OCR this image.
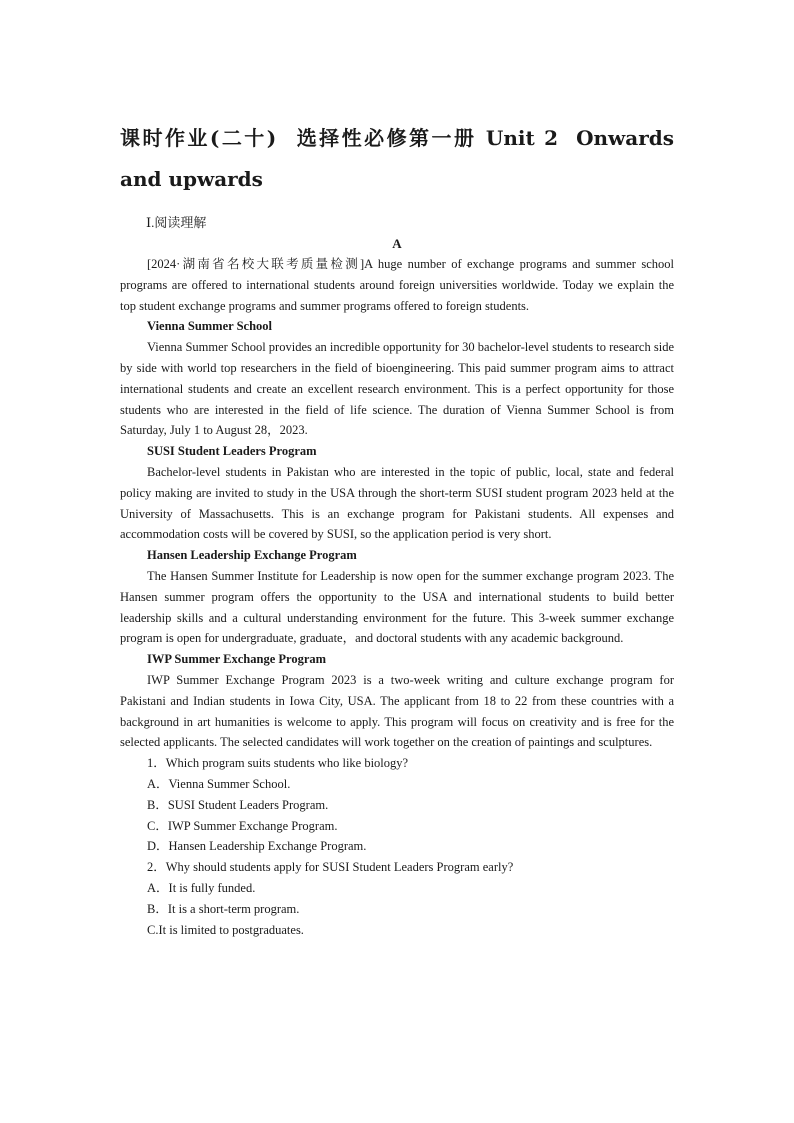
课时作业(二十) 选择性必修第一册 Unit 2 Onwards and upwards
Ⅰ.阅读理解
A

[2024·湖南省名校大联考质量检测]A huge number of exchange programs and summer school programs are offered to international students around foreign universities worldwide. Today we explain the top student exchange programs and summer programs offered to foreign students.

Vienna Summer School

Vienna Summer School provides an incredible opportunity for 30 bachelor-level students to research side by side with world top researchers in the field of bioengineering. This paid summer program aims to attract international students and create an excellent research environment. This is a perfect opportunity for those students who are interested in the field of life science. The duration of Vienna Summer School is from Saturday, July 1 to August 28，2023.

SUSI Student Leaders Program

Bachelor-level students in Pakistan who are interested in the topic of public, local, state and federal policy making are invited to study in the USA through the short-term SUSI student program 2023 held at the University of Massachusetts. This is an exchange program for Pakistani students. All expenses and accommodation costs will be covered by SUSI, so the application period is very short.

Hansen Leadership Exchange Program

The Hansen Summer Institute for Leadership is now open for the summer exchange program 2023. The Hansen summer program offers the opportunity to the USA and international students to build better leadership skills and a cultural understanding environment for the future. This 3-week summer exchange program is open for undergraduate, graduate，and doctoral students with any academic background.

IWP Summer Exchange Program

IWP Summer Exchange Program 2023 is a two-week writing and culture exchange program for Pakistani and Indian students in Iowa City, USA. The applicant from 18 to 22 from these countries with a background in art humanities is welcome to apply. This program will focus on creativity and is free for the selected applicants. The selected candidates will work together on the creation of paintings and sculptures.

1．Which program suits students who like biology?
A．Vienna Summer School.
B．SUSI Student Leaders Program.
C．IWP Summer Exchange Program.
D．Hansen Leadership Exchange Program.
2．Why should students apply for SUSI Student Leaders Program early?
A．It is fully funded.
B．It is a short-term program.
C.It is limited to postgraduates.
